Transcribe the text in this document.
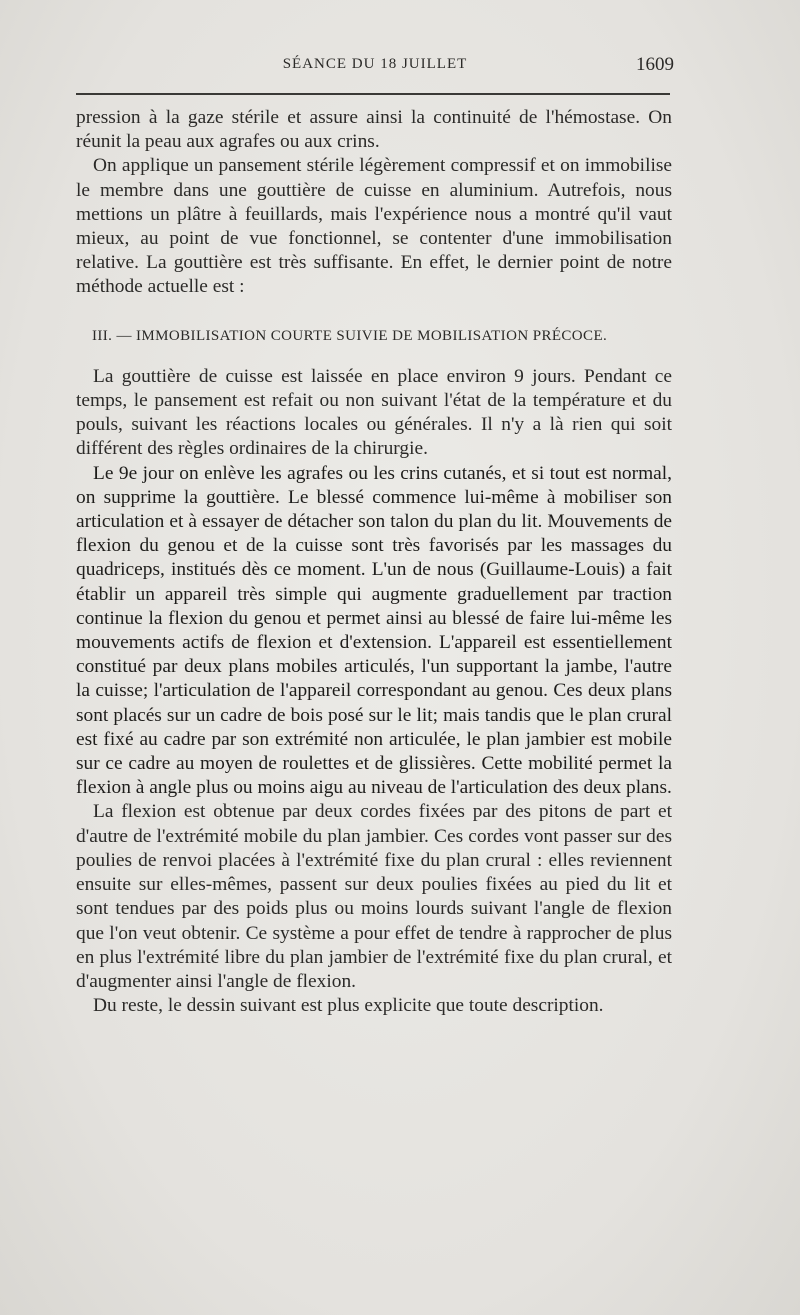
SÉANCE DU 18 JUILLET	1609

pression à la gaze stérile et assure ainsi la continuité de l'hémostase. On réunit la peau aux agrafes ou aux crins.

On applique un pansement stérile légèrement compressif et on immobilise le membre dans une gouttière de cuisse en aluminium. Autrefois, nous mettions un plâtre à feuillards, mais l'expérience nous a montré qu'il vaut mieux, au point de vue fonctionnel, se contenter d'une immobilisation relative. La gouttière est très suffisante. En effet, le dernier point de notre méthode actuelle est :

III. — IMMOBILISATION COURTE SUIVIE DE MOBILISATION PRÉCOCE.

La gouttière de cuisse est laissée en place environ 9 jours. Pendant ce temps, le pansement est refait ou non suivant l'état de la température et du pouls, suivant les réactions locales ou générales. Il n'y a là rien qui soit différent des règles ordinaires de la chirurgie.

Le 9e jour on enlève les agrafes ou les crins cutanés, et si tout est normal, on supprime la gouttière. Le blessé commence lui-même à mobiliser son articulation et à essayer de détacher son talon du plan du lit. Mouvements de flexion du genou et de la cuisse sont très favorisés par les massages du quadriceps, institués dès ce moment. L'un de nous (Guillaume-Louis) a fait établir un appareil très simple qui augmente graduellement par traction continue la flexion du genou et permet ainsi au blessé de faire lui-même les mouvements actifs de flexion et d'extension. L'appareil est essentiellement constitué par deux plans mobiles articulés, l'un supportant la jambe, l'autre la cuisse; l'articulation de l'appareil correspondant au genou. Ces deux plans sont placés sur un cadre de bois posé sur le lit; mais tandis que le plan crural est fixé au cadre par son extrémité non articulée, le plan jambier est mobile sur ce cadre au moyen de roulettes et de glissières. Cette mobilité permet la flexion à angle plus ou moins aigu au niveau de l'articulation des deux plans.

La flexion est obtenue par deux cordes fixées par des pitons de part et d'autre de l'extrémité mobile du plan jambier. Ces cordes vont passer sur des poulies de renvoi placées à l'extrémité fixe du plan crural : elles reviennent ensuite sur elles-mêmes, passent sur deux poulies fixées au pied du lit et sont tendues par des poids plus ou moins lourds suivant l'angle de flexion que l'on veut obtenir. Ce système a pour effet de tendre à rapprocher de plus en plus l'extrémité libre du plan jambier de l'extrémité fixe du plan crural, et d'augmenter ainsi l'angle de flexion.

Du reste, le dessin suivant est plus explicite que toute description.
